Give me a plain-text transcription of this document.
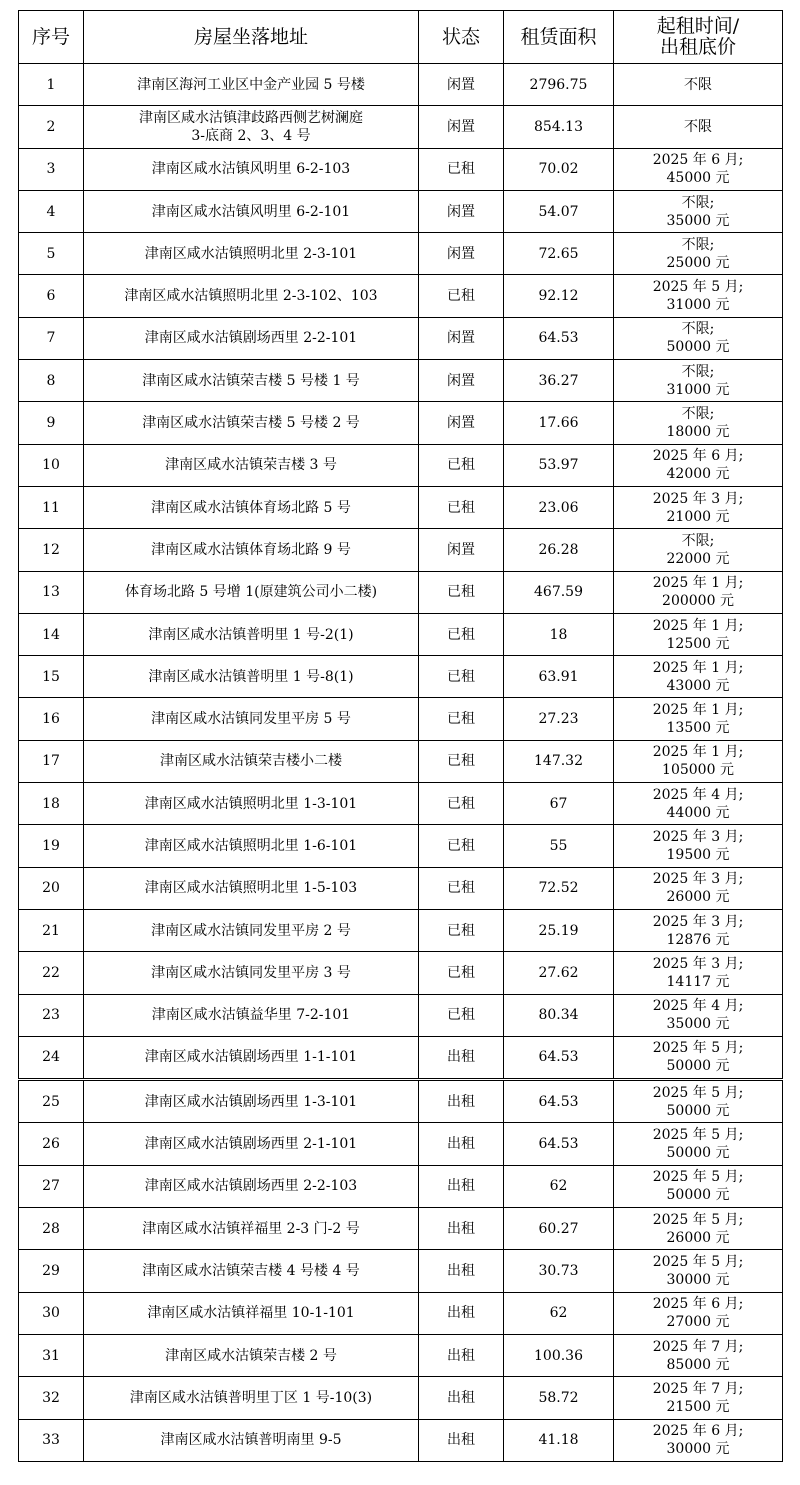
序号	房屋坐落地址	状态	租赁面积	起租时间/
出租底价

1	津南区海河工业区中金产业园 5 号楼	闲置	2796.75	不限

2	津南区咸水沽镇津歧路西侧艺树澜庭
3-底商 2、3、4 号	闲置	854.13	不限

3	津南区咸水沽镇风明里 6-2-103	已租	70.02	2025 年 6 月;
45000 元

4	津南区咸水沽镇风明里 6-2-101	闲置	54.07	不限;
35000 元

5	津南区咸水沽镇照明北里 2-3-101	闲置	72.65	不限;
25000 元

6	津南区咸水沽镇照明北里 2-3-102、103	已租	92.12	2025 年 5 月;
31000 元

7	津南区咸水沽镇剧场西里 2-2-101	闲置	64.53	不限;
50000 元

8	津南区咸水沽镇荣吉楼 5 号楼 1 号	闲置	36.27	不限;
31000 元

9	津南区咸水沽镇荣吉楼 5 号楼 2 号	闲置	17.66	不限;
18000 元

10	津南区咸水沽镇荣吉楼 3 号	已租	53.97	2025 年 6 月;
42000 元

11	津南区咸水沽镇体育场北路 5 号	已租	23.06	2025 年 3 月;
21000 元

12	津南区咸水沽镇体育场北路 9 号	闲置	26.28	不限;
22000 元

13	体育场北路 5 号增 1(原建筑公司小二楼)	已租	467.59	2025 年 1 月;
200000 元

14	津南区咸水沽镇普明里 1 号-2(1)	已租	18	2025 年 1 月;
12500 元

15	津南区咸水沽镇普明里 1 号-8(1)	已租	63.91	2025 年 1 月;
43000 元

16	津南区咸水沽镇同发里平房 5 号	已租	27.23	2025 年 1 月;
13500 元

17	津南区咸水沽镇荣吉楼小二楼	已租	147.32	2025 年 1 月;
105000 元

18	津南区咸水沽镇照明北里 1-3-101	已租	67	2025 年 4 月;
44000 元

19	津南区咸水沽镇照明北里 1-6-101	已租	55	2025 年 3 月;
19500 元

20	津南区咸水沽镇照明北里 1-5-103	已租	72.52	2025 年 3 月;
26000 元

21	津南区咸水沽镇同发里平房 2 号	已租	25.19	2025 年 3 月;
12876 元

22	津南区咸水沽镇同发里平房 3 号	已租	27.62	2025 年 3 月;
14117 元

23	津南区咸水沽镇益华里 7-2-101	已租	80.34	2025 年 4 月;
35000 元

24	津南区咸水沽镇剧场西里 1-1-101	出租	64.53	2025 年 5 月;
50000 元

25	津南区咸水沽镇剧场西里 1-3-101	出租	64.53	2025 年 5 月;
50000 元

26	津南区咸水沽镇剧场西里 2-1-101	出租	64.53	2025 年 5 月;
50000 元

27	津南区咸水沽镇剧场西里 2-2-103	出租	62	2025 年 5 月;
50000 元

28	津南区咸水沽镇祥福里 2-3 门-2 号	出租	60.27	2025 年 5 月;
26000 元

29	津南区咸水沽镇荣吉楼 4 号楼 4 号	出租	30.73	2025 年 5 月;
30000 元

30	津南区咸水沽镇祥福里 10-1-101	出租	62	2025 年 6 月;
27000 元

31	津南区咸水沽镇荣吉楼 2 号	出租	100.36	2025 年 7 月;
85000 元

32	津南区咸水沽镇普明里丁区 1 号-10(3)	出租	58.72	2025 年 7 月;
21500 元

33	津南区咸水沽镇普明南里 9-5	出租	41.18	2025 年 6 月;
30000 元
